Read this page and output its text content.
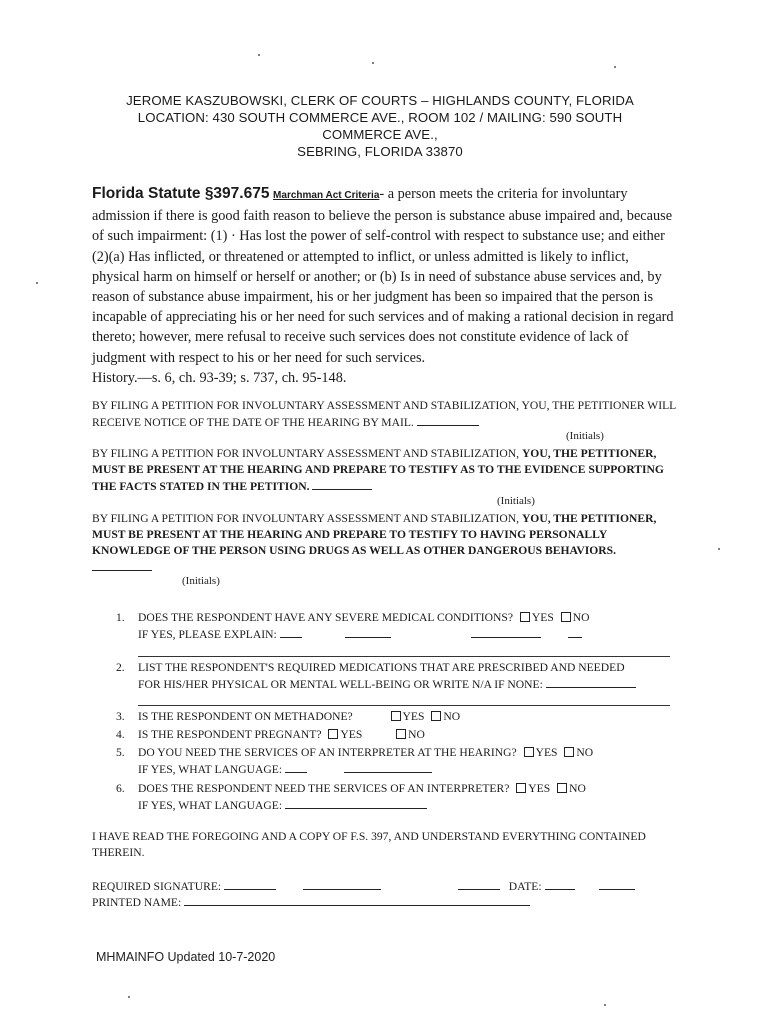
JEROME KASZUBOWSKI, CLERK OF COURTS – HIGHLANDS COUNTY, FLORIDA
LOCATION: 430 SOUTH COMMERCE AVE., ROOM 102 / MAILING: 590 SOUTH
COMMERCE AVE.,
SEBRING, FLORIDA 33870
Florida Statute §397.675 Marchman Act Criteria- a person meets the criteria for involuntary admission if there is good faith reason to believe the person is substance abuse impaired and, because of such impairment: (1) · Has lost the power of self-control with respect to substance use; and either (2)(a) Has inflicted, or threatened or attempted to inflict, or unless admitted is likely to inflict, physical harm on himself or herself or another; or (b) Is in need of substance abuse services and, by reason of substance abuse impairment, his or her judgment has been so impaired that the person is incapable of appreciating his or her need for such services and of making a rational decision in regard thereto; however, mere refusal to receive such services does not constitute evidence of lack of judgment with respect to his or her need for such services.
History.—s. 6, ch. 93-39; s. 737, ch. 95-148.
BY FILING A PETITION FOR INVOLUNTARY ASSESSMENT AND STABILIZATION, YOU, THE PETITIONER WILL RECEIVE NOTICE OF THE DATE OF THE HEARING BY MAIL.
(Initials)
BY FILING A PETITION FOR INVOLUNTARY ASSESSMENT AND STABILIZATION, YOU, THE PETITIONER, MUST BE PRESENT AT THE HEARING AND PREPARE TO TESTIFY AS TO THE EVIDENCE SUPPORTING THE FACTS STATED IN THE PETITION.
(Initials)
BY FILING A PETITION FOR INVOLUNTARY ASSESSMENT AND STABILIZATION, YOU, THE PETITIONER, MUST BE PRESENT AT THE HEARING AND PREPARE TO TESTIFY TO HAVING PERSONALLY KNOWLEDGE OF THE PERSON USING DRUGS AS WELL AS OTHER DANGEROUS BEHAVIORS.
(Initials)
1.	DOES THE RESPONDENT HAVE ANY SEVERE MEDICAL CONDITIONS? YES NO
IF YES, PLEASE EXPLAIN:
2.	LIST THE RESPONDENT'S REQUIRED MEDICATIONS THAT ARE PRESCRIBED AND NEEDED
FOR HIS/HER PHYSICAL OR MENTAL WELL-BEING OR WRITE N/A IF NONE:
3.	IS THE RESPONDENT ON METHADONE?	YES NO
4.	IS THE RESPONDENT PREGNANT? YES	NO
5.	DO YOU NEED THE SERVICES OF AN INTERPRETER AT THE HEARING? YES NO
IF YES, WHAT LANGUAGE:
6.	DOES THE RESPONDENT NEED THE SERVICES OF AN INTERPRETER? YES NO
IF YES, WHAT LANGUAGE:
I HAVE READ THE FOREGOING AND A COPY OF F.S. 397, AND UNDERSTAND EVERYTHING CONTAINED THEREIN.
REQUIRED SIGNATURE:	DATE:
PRINTED NAME:
MHMAINFO Updated 10-7-2020
